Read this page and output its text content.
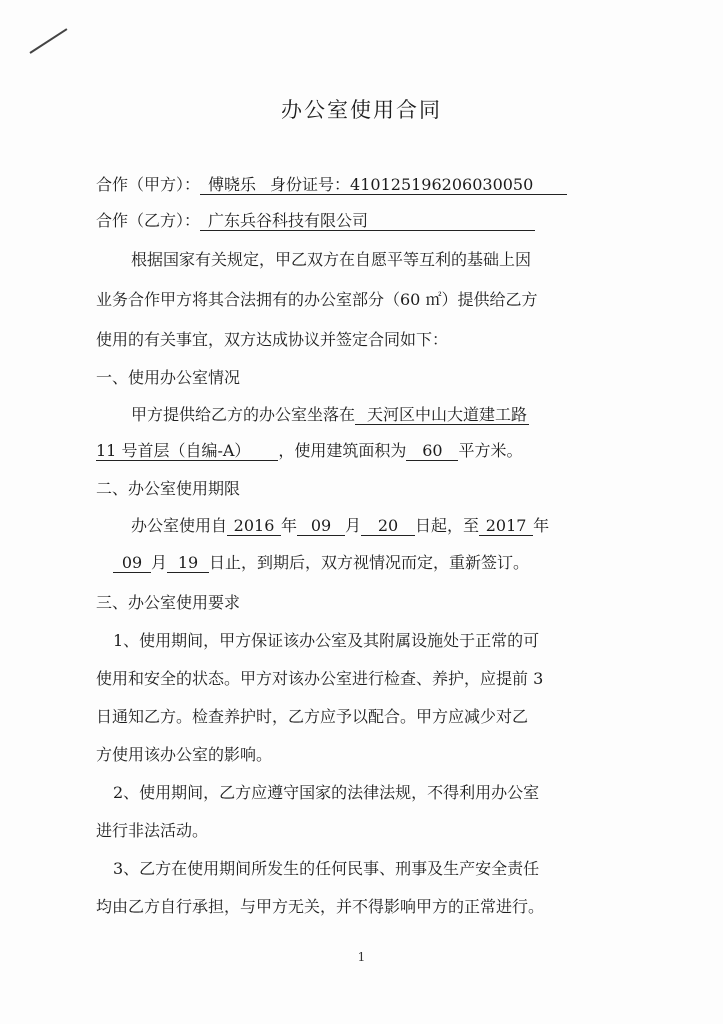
办公室使用合同
合作（甲方）： 傅晓乐 身份证号：410125196206030050
合作（乙方）： 广东兵谷科技有限公司
根据国家有关规定，甲乙双方在自愿平等互利的基础上因
业务合作甲方将其合法拥有的办公室部分（60 ㎡）提供给乙方
使用的有关事宜，双方达成协议并签定合同如下：
一、使用办公室情况
甲方提供给乙方的办公室坐落在 天河区中山大道建工路
11 号首层（自编-A） ，使用建筑面积为 60 平方米。
二、办公室使用期限
办公室使用自 2016 年 09 月 20 日起，至 2017 年
09 月 19 日止，到期后，双方视情况而定，重新签订。
三、办公室使用要求
1、使用期间，甲方保证该办公室及其附属设施处于正常的可
使用和安全的状态。甲方对该办公室进行检查、养护，应提前 3
日通知乙方。检查养护时，乙方应予以配合。甲方应减少对乙
方使用该办公室的影响。
2、使用期间，乙方应遵守国家的法律法规，不得利用办公室
进行非法活动。
3、乙方在使用期间所发生的任何民事、刑事及生产安全责任
均由乙方自行承担，与甲方无关，并不得影响甲方的正常进行。
1
